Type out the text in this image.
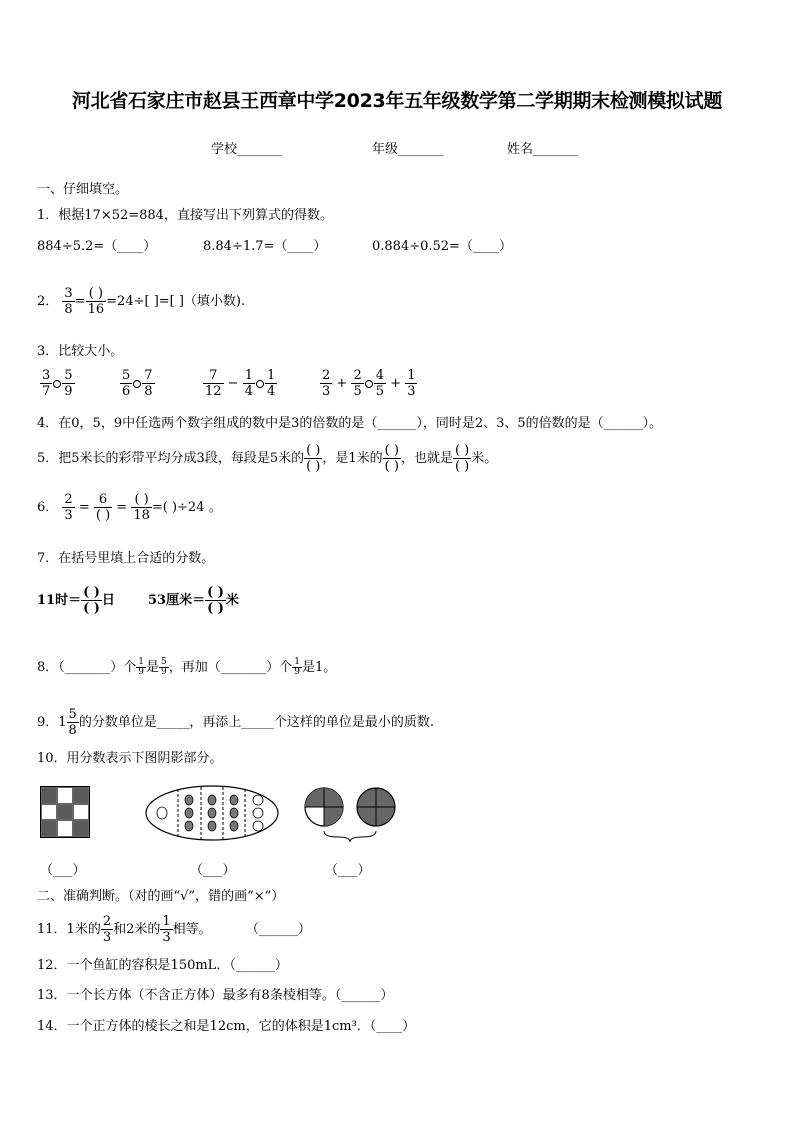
河北省石家庄市赵县王西章中学2023年五年级数学第二学期期末检测模拟试题
学校_______	年级_______	姓名_______
一、仔细填空。
1．根据17×52=884，直接写出下列算式的得数。
884÷5.2=（____）	8.84÷1.7=（____）	0.884÷0.52=（____）
2． $\frac{3}{8}$ =
( )
16
=24÷[ ]=[ ]（填小数).
3．比较大小。
$\frac{3}{7} \frac{5}{9}$	$\frac{5}{6} \frac{7}{8}$	$\frac{7}{12} - \frac{1}{4} \frac{1}{4}$	$\frac{2}{3} + \frac{2}{5} \frac{4}{5} + \frac{1}{3}$
4．在0，5，9中任选两个数字组成的数中是3的倍数的是（______），同时是2、3、5的倍数的是（______）。
5．把5米长的彩带平均分成3段，每段是5米的
( )
( )
，是1米的
( )
( )
，也就是
( )
( )
米。
6． $\frac{2}{3}$ =
6
( )
=
( )
18
=( )÷24 。
7．在括号里填上合适的分数。
11时＝
( )
( )
日	53厘米＝
( )
( )
米
8．（_______）个 $\frac{1}{9}$ 是 $\frac{5}{9}$ ，再加（_______）个 $\frac{1}{9}$ 是1。
9．$1 \frac{5}{8}$ 的分数单位是_____，再添上_____个这样的单位是最小的质数.
10．用分数表示下图阴影部分。
（___）	（___）	（___）
二、准确判断。（对的画“√”，错的画“×”）
11．1米的 $\frac{2}{3}$ 和2米的 $\frac{1}{3}$ 相等。	（______）
12．一个鱼缸的容积是150mL．（______）
13．一个长方体（不含正方体）最多有8条棱相等。（______）
14．一个正方体的棱长之和是12cm，它的体积是1cm³．（____）
